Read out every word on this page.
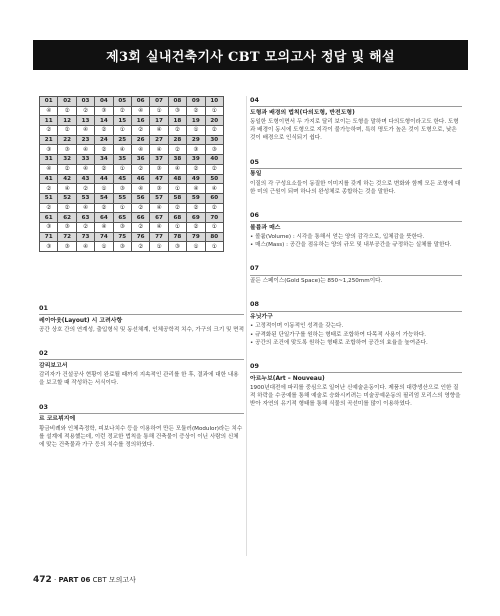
제3회 실내건축기사 CBT 모의고사 정답 및 해설
01	02	03	04	05	06	07	08	09	10
④	②	②	③	②	④	①	③	②	①
11	12	13	14	15	16	17	18	19	20
②	②	④	②	①	②	④	②	①	②
21	22	23	24	25	26	27	28	29	30
③	③	④	②	④	④	④	②	③	③
31	32	33	34	35	36	37	38	39	40
④	②	④	②	①	②	③	④	②	②
41	42	43	44	45	46	47	48	49	50
②	④	②	①	③	④	③	①	④	④
51	52	53	54	55	56	57	58	59	60
②	②	④	②	①	②	④	②	②	②
61	62	63	64	65	66	67	68	69	70
③	③	②	④	③	②	④	①	②	①
71	72	73	74	75	76	77	78	79	80
③	③	④	①	③	②	①	③	①	①
01
레이아웃(Layout) 시 고려사항
공간 상호 간의 연계성, 출입형식 및 동선체계, 인체공학적 치수, 가구의 크기 및 면적
02
감리보고서
감리자가 건설공사 현황이 완료될 때까지 지속적인 관리를 한 후, 결과에 대한 내용을 보고할 때 작성하는 서식이다.
03
르 코르뷔지에
황금비례와 인체측정학, 피보나치수 등을 이용하여 만든 모듈러(Modulor)라는 치수를 설계에 적용했는데, 이런 정교한 법칙을 통해 건축물이 증상이 이닌 사람의 신체에 맞는 건축물과 가구 등의 치수를 정의하였다.
04
도형과 배경의 법칙(다의도형, 반전도형)
동일한 도형이면서 두 가지로 달리 보이는 도형을 말하며 다의도형이라고도 한다. 도형과 배경이 동시에 도형으로 지각이 불가능하며, 특히 명도가 높은 것이 도형으로, 낮은 것이 배경으로 인식되기 쉽다.
05
통일
이질의 각 구성요소들이 동질한 이미지를 갖게 하는 것으로 변화와 함께 모든 조형에 대한 미의 근원이 되며 하나의 완성체로 종합하는 것을 말한다.
06
볼륨과 매스
• 볼륨(Volume) : 시각을 통해서 얻는 양의 감각으로, 입체감을 뜻한다.
• 매스(Mass) : 공간을 점유하는 양의 규모 및 내부공간을 규정하는 실체를 말한다.
07
골든 스페이스(Gold Space)는 850~1,250mm이다.
08
유닛가구
• 고정적이며 이동적인 성격을 갖는다.
• 규격화된 단일가구를 원하는 형태로 조합하여 다목적 사용이 가능하다.
• 공간의 조건에 맞도록 원하는 형태로 조합하여 공간의 효율을 높여준다.
09
아르누보(Art – Nouveau)
1900년대전에 파리를 중심으로 일어난 신예술운동이다. 제품의 대량생산으로 인한 질적 하락을 수공예를 통해 예술로 승화시키려는 미술공예운동의 필리엄 모리스의 영향을 받아 자연의 유기적 형태를 통해 식물의 곡선미를 많이 이용하였다.
472 · PART 06 CBT 모의고사
